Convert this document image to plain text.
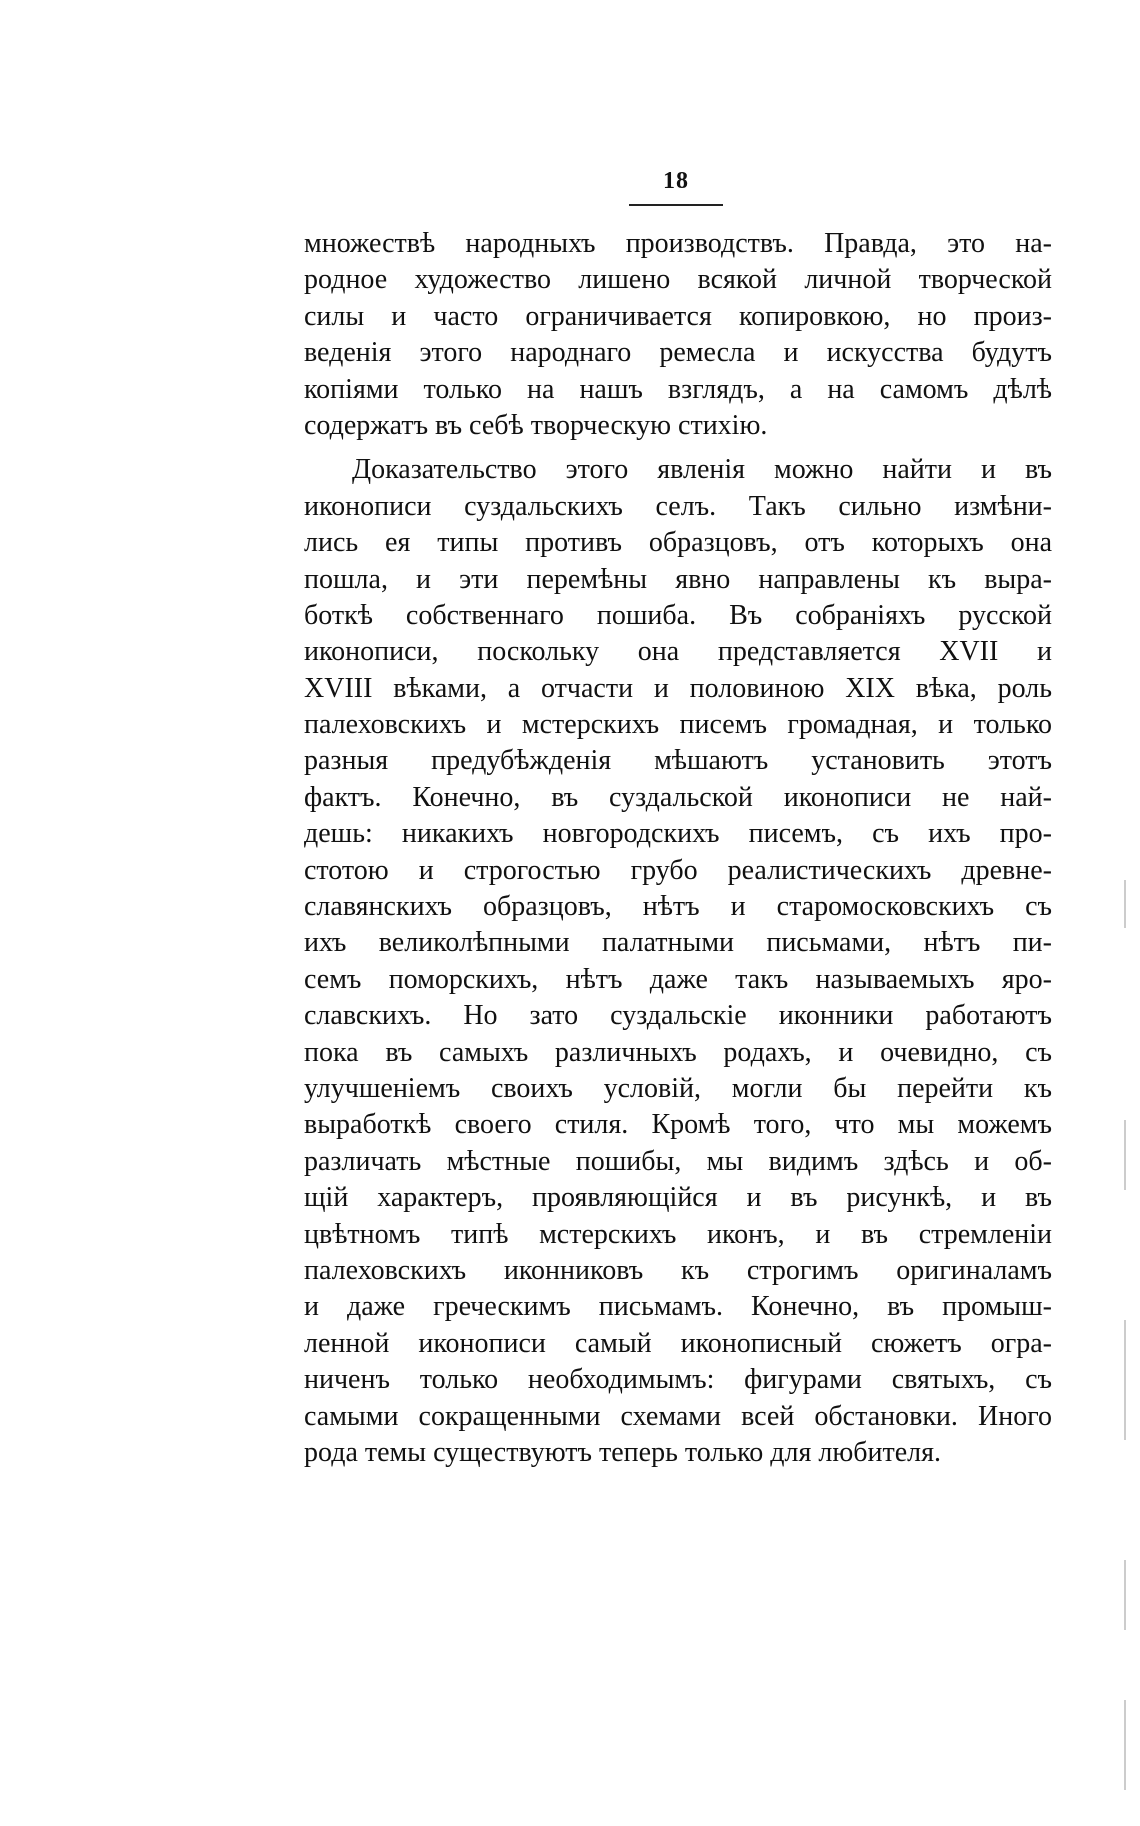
18
множествѣ народныхъ производствъ. Правда, это на-
родное художество лишено всякой личной творческой
силы и часто ограничивается копировкою, но произ-
веденія этого народнаго ремесла и искусства будутъ
копіями только на нашъ взглядъ, а на самомъ дѣлѣ
содержатъ въ себѣ творческую стихію.
Доказательство этого явленія можно найти и въ
иконописи суздальскихъ селъ. Такъ сильно измѣни-
лись ея типы противъ образцовъ, отъ которыхъ она
пошла, и эти перемѣны явно направлены къ выра-
боткѣ собственнаго пошиба. Въ собраніяхъ русской
иконописи, поскольку она представляется XVII и
XVIII вѣками, а отчасти и половиною XIX вѣка, роль
палеховскихъ и мстерскихъ писемъ громадная, и только
разныя предубѣжденія мѣшаютъ установить этотъ
фактъ. Конечно, въ суздальской иконописи не най-
дешь: никакихъ новгородскихъ писемъ, съ ихъ про-
стотою и строгостью грубо реалистическихъ древне-
славянскихъ образцовъ, нѣтъ и старомосковскихъ съ
ихъ великолѣпными палатными письмами, нѣтъ пи-
семъ поморскихъ, нѣтъ даже такъ называемыхъ яро-
славскихъ. Но зато суздальскіе иконники работаютъ
пока въ самыхъ различныхъ родахъ, и очевидно, съ
улучшеніемъ своихъ условій, могли бы перейти къ
выработкѣ своего стиля. Кромѣ того, что мы можемъ
различать мѣстные пошибы, мы видимъ здѣсь и об-
щій характеръ, проявляющійся и въ рисункѣ, и въ
цвѣтномъ типѣ мстерскихъ иконъ, и въ стремленіи
палеховскихъ иконниковъ къ строгимъ оригиналамъ
и даже греческимъ письмамъ. Конечно, въ промыш-
ленной иконописи самый иконописный сюжетъ огра-
ниченъ только необходимымъ: фигурами святыхъ, съ
самыми сокращенными схемами всей обстановки. Иного
рода темы существуютъ теперь только для любителя.
